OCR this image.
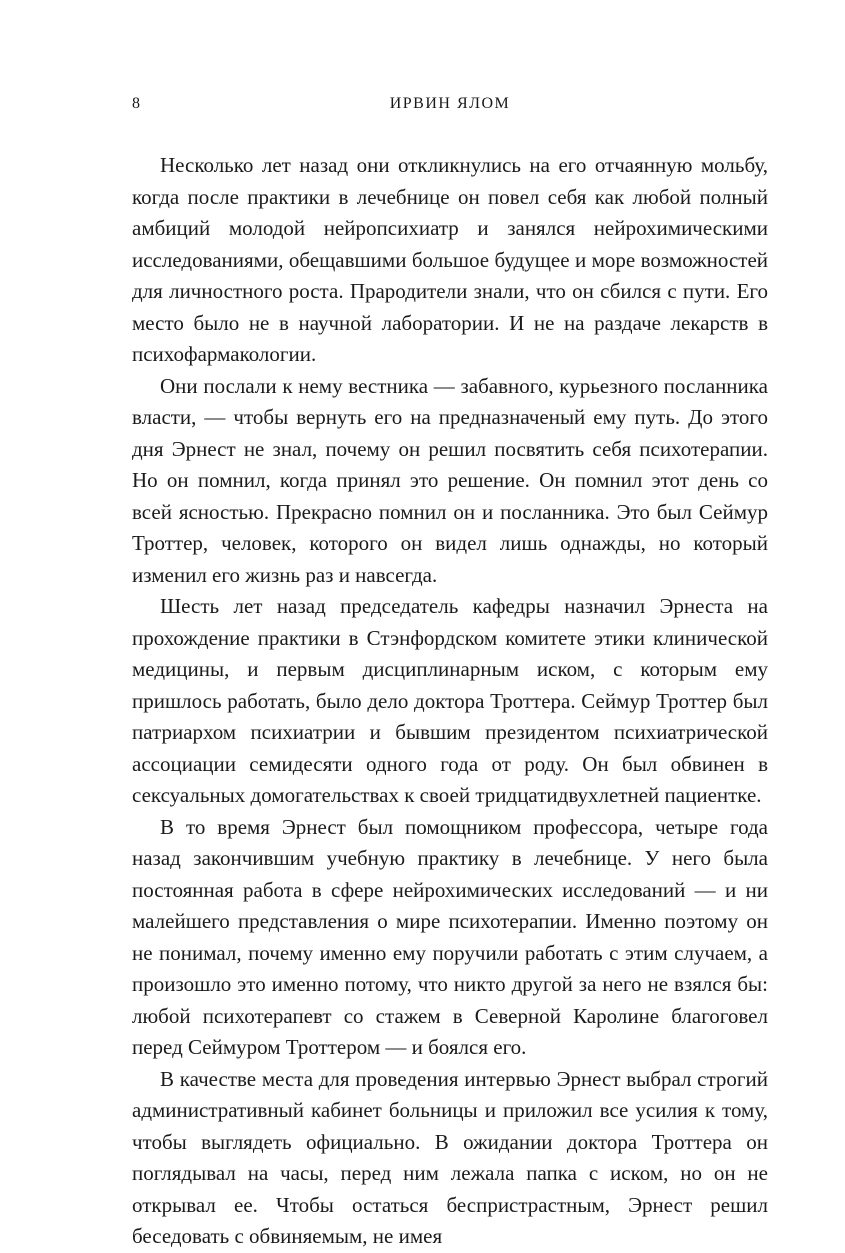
8	ИРВИН ЯЛОМ

Несколько лет назад они откликнулись на его отчаянную мольбу, когда после практики в лечебнице он повел себя как любой полный амбиций молодой нейропсихиатр и занялся нейрохимическими исследованиями, обещавшими большое будущее и море возможностей для личностного роста. Прародители знали, что он сбился с пути. Его место было не в научной лаборатории. И не на раздаче лекарств в психофармакологии.

Они послали к нему вестника — забавного, курьезного посланника власти, — чтобы вернуть его на предназначеный ему путь. До этого дня Эрнест не знал, почему он решил посвятить себя психотерапии. Но он помнил, когда принял это решение. Он помнил этот день со всей ясностью. Прекрасно помнил он и посланника. Это был Сеймур Троттер, человек, которого он видел лишь однажды, но который изменил его жизнь раз и навсегда.

Шесть лет назад председатель кафедры назначил Эрнеста на прохождение практики в Стэнфордском комитете этики клинической медицины, и первым дисциплинарным иском, с которым ему пришлось работать, было дело доктора Троттера. Сеймур Троттер был патриархом психиатрии и бывшим президентом психиатрической ассоциации семидесяти одного года от роду. Он был обвинен в сексуальных домогательствах к своей тридцатидвухлетней пациентке.

В то время Эрнест был помощником профессора, четыре года назад закончившим учебную практику в лечебнице. У него была постоянная работа в сфере нейрохимических исследований — и ни малейшего представления о мире психотерапии. Именно поэтому он не понимал, почему именно ему поручили работать с этим случаем, а произошло это именно потому, что никто другой за него не взялся бы: любой психотерапевт со стажем в Северной Каролине благоговел перед Сеймуром Троттером — и боялся его.

В качестве места для проведения интервью Эрнест выбрал строгий административный кабинет больницы и приложил все усилия к тому, чтобы выглядеть официально. В ожидании доктора Троттера он поглядывал на часы, перед ним лежала папка с иском, но он не открывал ее. Чтобы остаться беспристрастным, Эрнест решил беседовать с обвиняемым, не имея
